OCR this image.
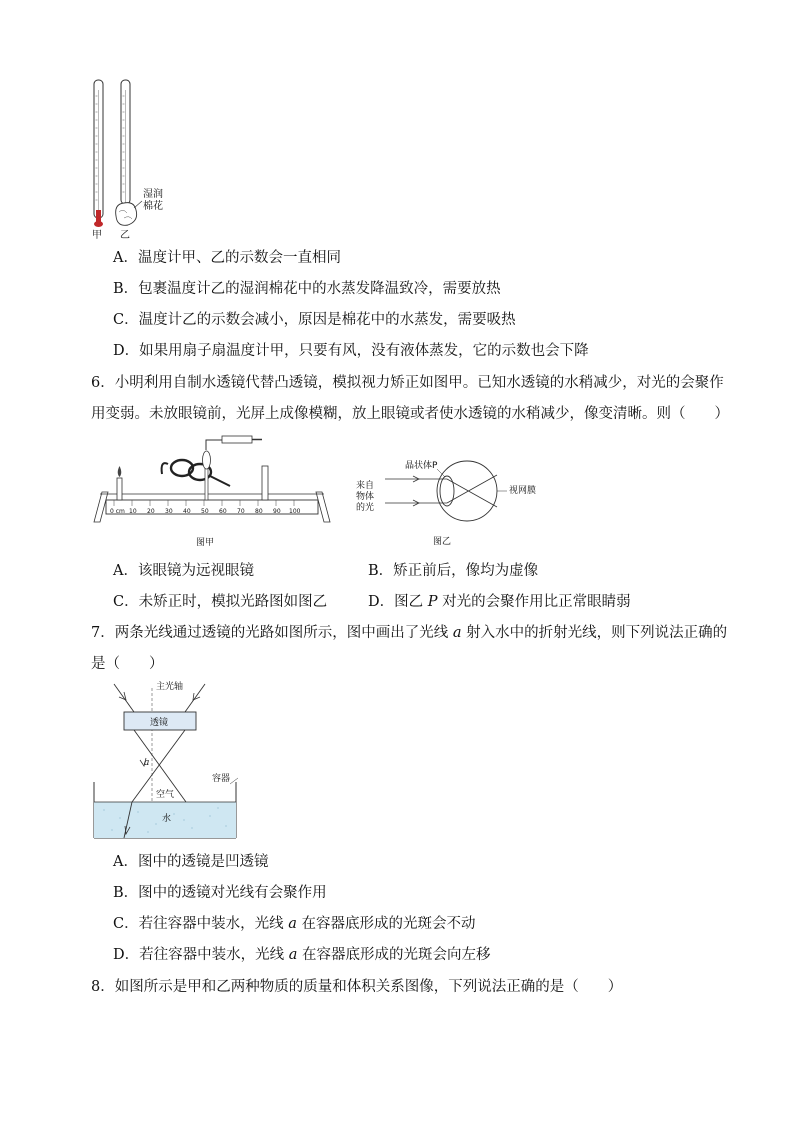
甲 乙
湿润棉花
A．温度计甲、乙的示数会一直相同
B．包裹温度计乙的湿润棉花中的水蒸发降温致冷，需要放热
C．温度计乙的示数会减小，原因是棉花中的水蒸发，需要吸热
D．如果用扇子扇温度计甲，只要有风，没有液体蒸发，它的示数也会下降
6．小明利用自制水透镜代替凸透镜，模拟视力矫正如图甲。已知水透镜的水稍减少，对光的会聚作
用变弱。未放眼镜前，光屏上成像模糊，放上眼镜或者使水透镜的水稍减少，像变清晰。则（　　）
0 cm 10 20 30 40 50 60 70 80 90 100
图甲
晶状体P
视网膜
来自
物体
的光
图乙
A．该眼镜为远视眼镜	B．矫正前后，像均为虚像
C．未矫正时，模拟光路图如图乙	D．图乙 P 对光的会聚作用比正常眼睛弱
7．两条光线通过透镜的光路如图所示，图中画出了光线 a 射入水中的折射光线，则下列说法正确的
是（　　）
主光轴
透镜
a
容器
空气
水
A．图中的透镜是凹透镜
B．图中的透镜对光线有会聚作用
C．若往容器中装水，光线 a 在容器底形成的光斑会不动
D．若往容器中装水，光线 a 在容器底形成的光斑会向左移
8．如图所示是甲和乙两种物质的质量和体积关系图像，下列说法正确的是（　　）
